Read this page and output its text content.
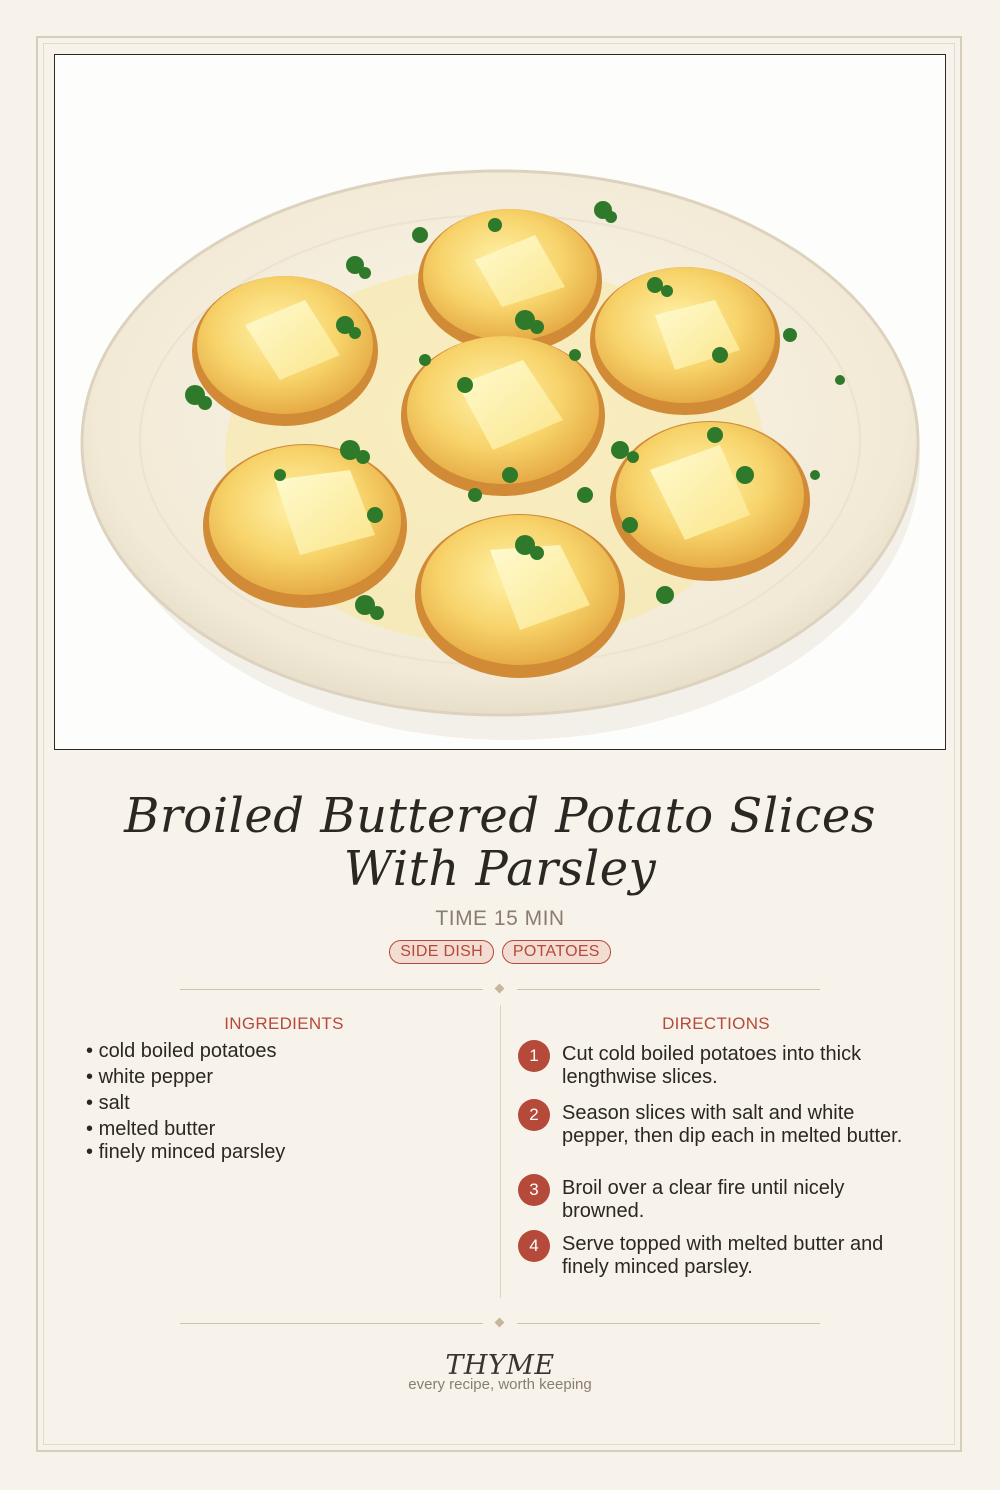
Broiled Buttered Potato Slices With Parsley
TIME 15 MIN
SIDE DISH	POTATOES
INGREDIENTS
• cold boiled potatoes
• white pepper
• salt
• melted butter
• finely minced parsley
DIRECTIONS
1	Cut cold boiled potatoes into thick lengthwise slices.
2	Season slices with salt and white pepper, then dip each in melted butter.
3	Broil over a clear fire until nicely browned.
4	Serve topped with melted butter and finely minced parsley.
THYME
every recipe, worth keeping
